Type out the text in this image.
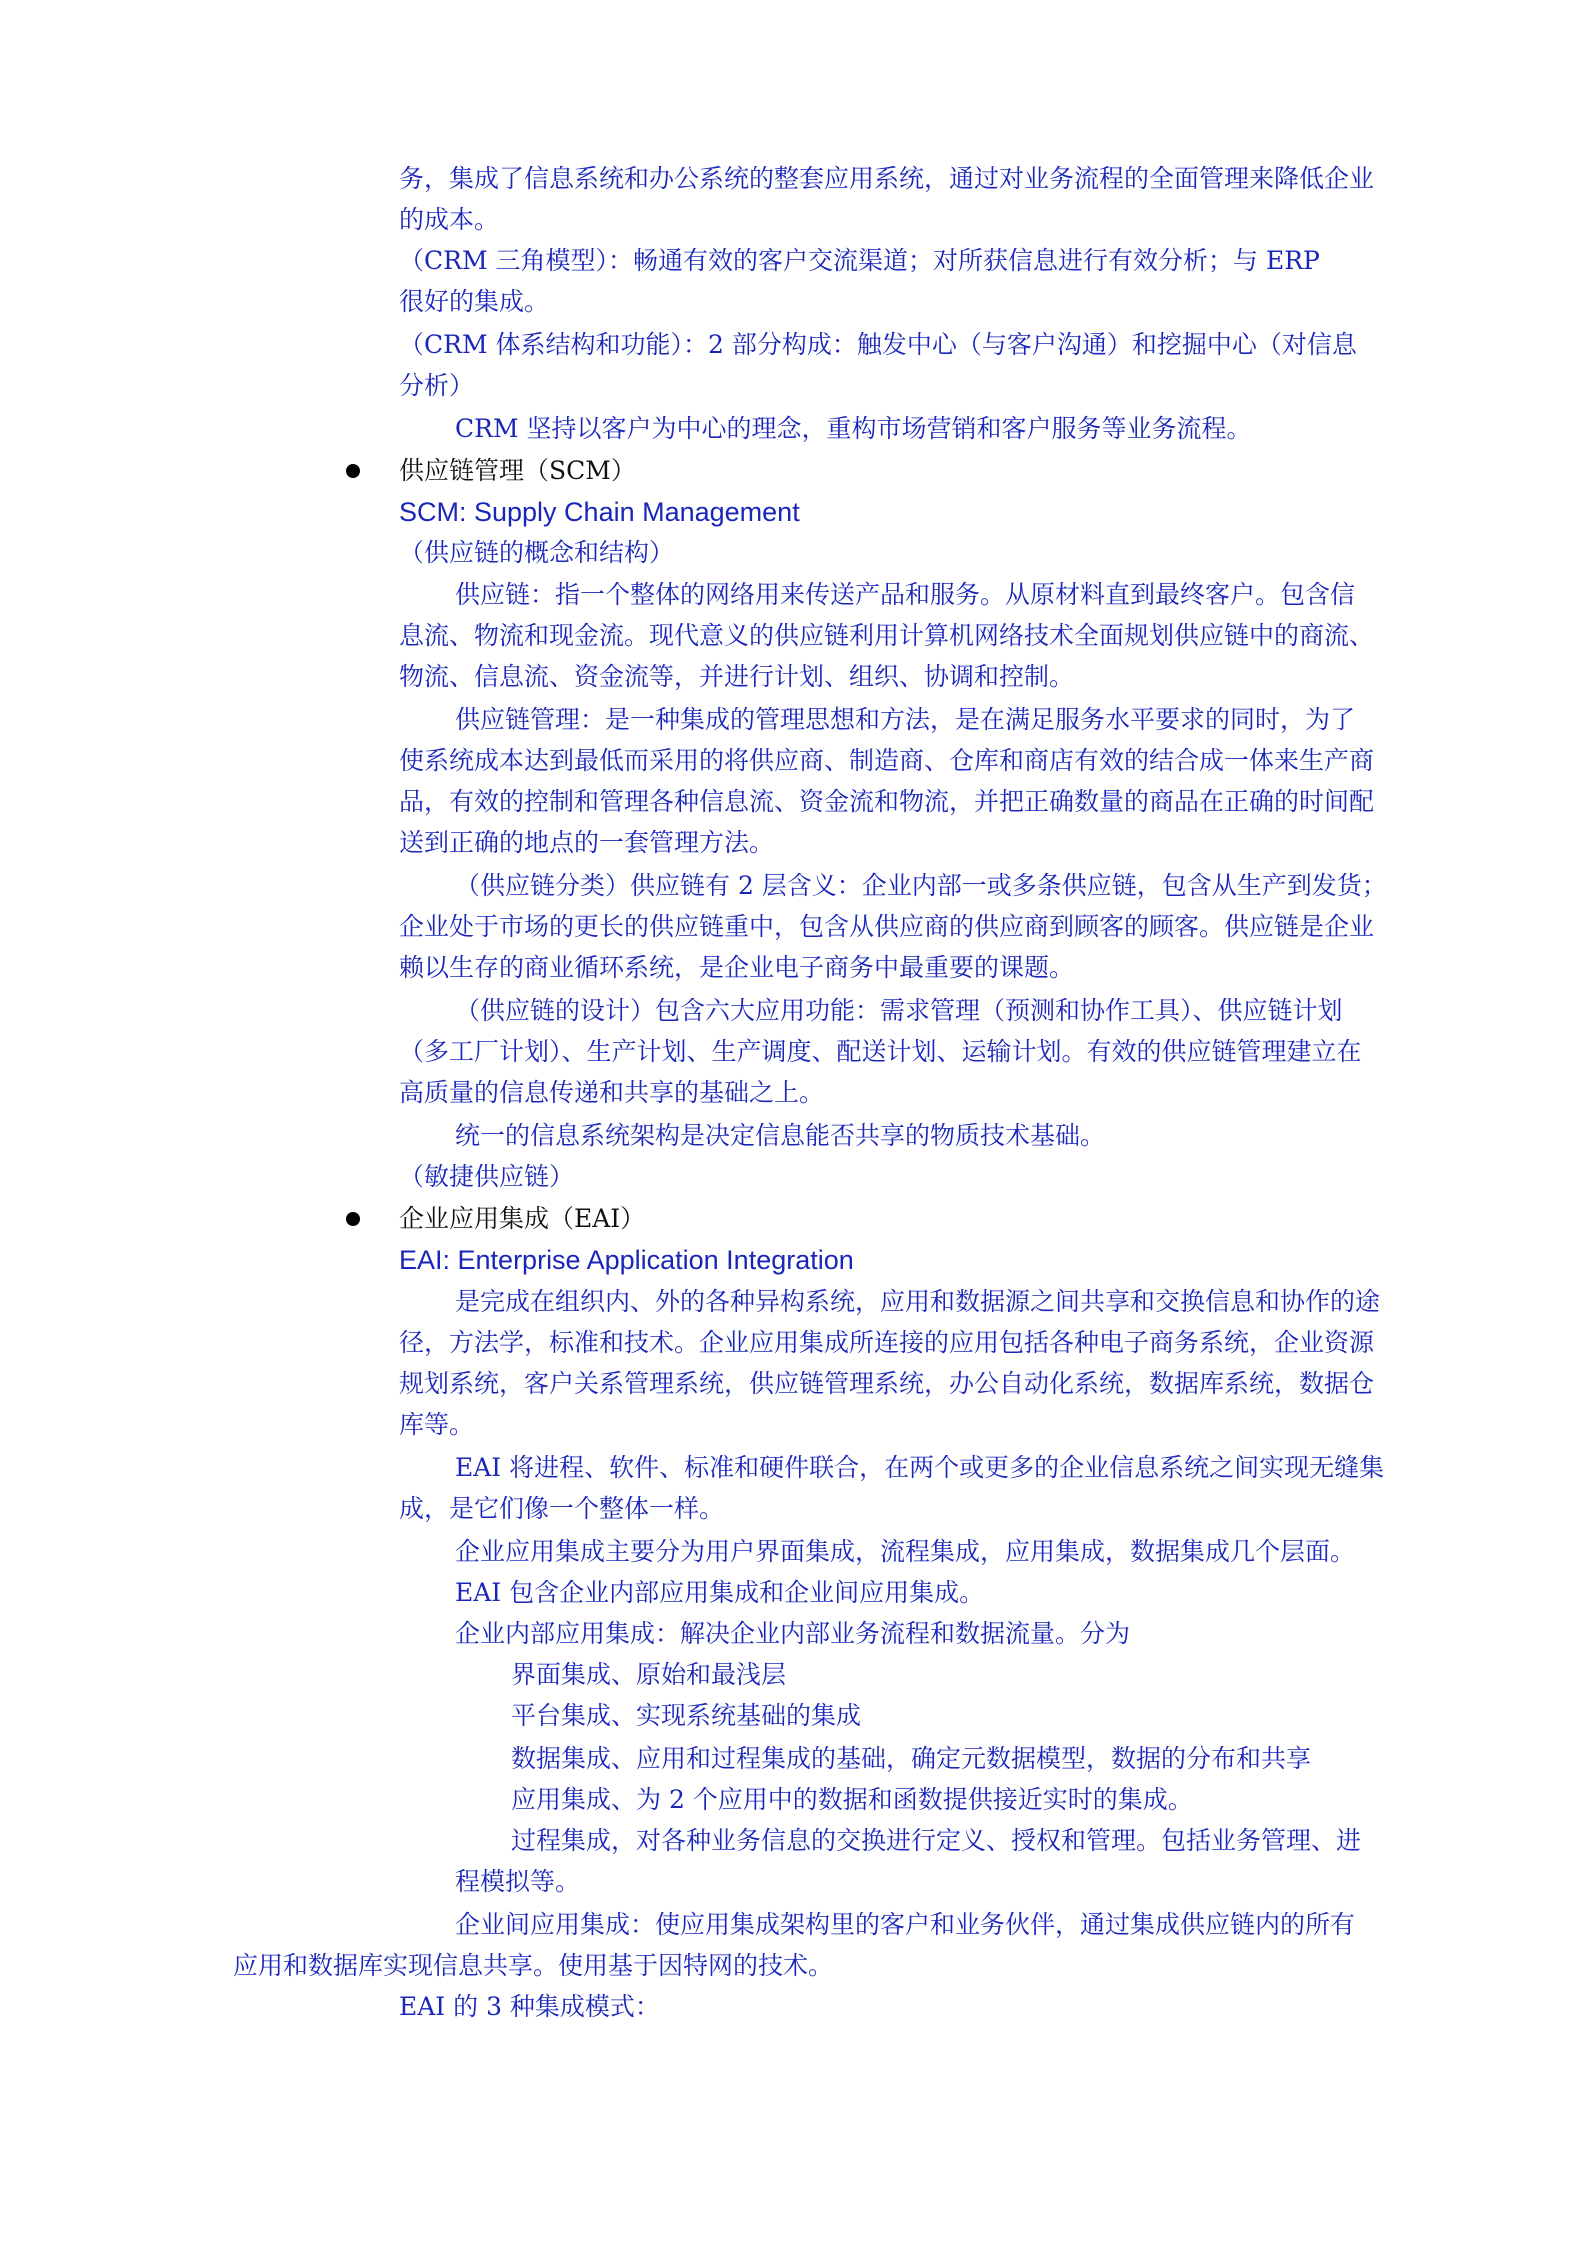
务，集成了信息系统和办公系统的整套应用系统，通过对业务流程的全面管理来降低企业
的成本。
（CRM 三角模型）：畅通有效的客户交流渠道；对所获信息进行有效分析；与 ERP
很好的集成。
（CRM 体系结构和功能）：2 部分构成：触发中心（与客户沟通）和挖掘中心（对信息
分析）
CRM 坚持以客户为中心的理念，重构市场营销和客户服务等业务流程。
供应链管理（SCM）
SCM: Supply Chain Management
（供应链的概念和结构）
供应链：指一个整体的网络用来传送产品和服务。从原材料直到最终客户。包含信
息流、物流和现金流。现代意义的供应链利用计算机网络技术全面规划供应链中的商流、
物流、信息流、资金流等，并进行计划、组织、协调和控制。
供应链管理：是一种集成的管理思想和方法，是在满足服务水平要求的同时，为了
使系统成本达到最低而采用的将供应商、制造商、仓库和商店有效的结合成一体来生产商
品，有效的控制和管理各种信息流、资金流和物流，并把正确数量的商品在正确的时间配
送到正确的地点的一套管理方法。
（供应链分类）供应链有 2 层含义：企业内部一或多条供应链，包含从生产到发货；
企业处于市场的更长的供应链重中，包含从供应商的供应商到顾客的顾客。供应链是企业
赖以生存的商业循环系统，是企业电子商务中最重要的课题。
（供应链的设计）包含六大应用功能：需求管理（预测和协作工具）、供应链计划
（多工厂计划）、生产计划、生产调度、配送计划、运输计划。有效的供应链管理建立在
高质量的信息传递和共享的基础之上。
统一的信息系统架构是决定信息能否共享的物质技术基础。
（敏捷供应链）
企业应用集成（EAI）
EAI: Enterprise Application Integration
是完成在组织内、外的各种异构系统，应用和数据源之间共享和交换信息和协作的途
径，方法学，标准和技术。企业应用集成所连接的应用包括各种电子商务系统，企业资源
规划系统，客户关系管理系统，供应链管理系统，办公自动化系统，数据库系统，数据仓
库等。
EAI 将进程、软件、标准和硬件联合，在两个或更多的企业信息系统之间实现无缝集
成，是它们像一个整体一样。
企业应用集成主要分为用户界面集成，流程集成，应用集成，数据集成几个层面。
EAI 包含企业内部应用集成和企业间应用集成。
企业内部应用集成：解决企业内部业务流程和数据流量。分为
界面集成、原始和最浅层
平台集成、实现系统基础的集成
数据集成、应用和过程集成的基础，确定元数据模型，数据的分布和共享
应用集成、为 2 个应用中的数据和函数提供接近实时的集成。
过程集成，对各种业务信息的交换进行定义、授权和管理。包括业务管理、进
程模拟等。
企业间应用集成：使应用集成架构里的客户和业务伙伴，通过集成供应链内的所有
应用和数据库实现信息共享。使用基于因特网的技术。
EAI 的 3 种集成模式：
